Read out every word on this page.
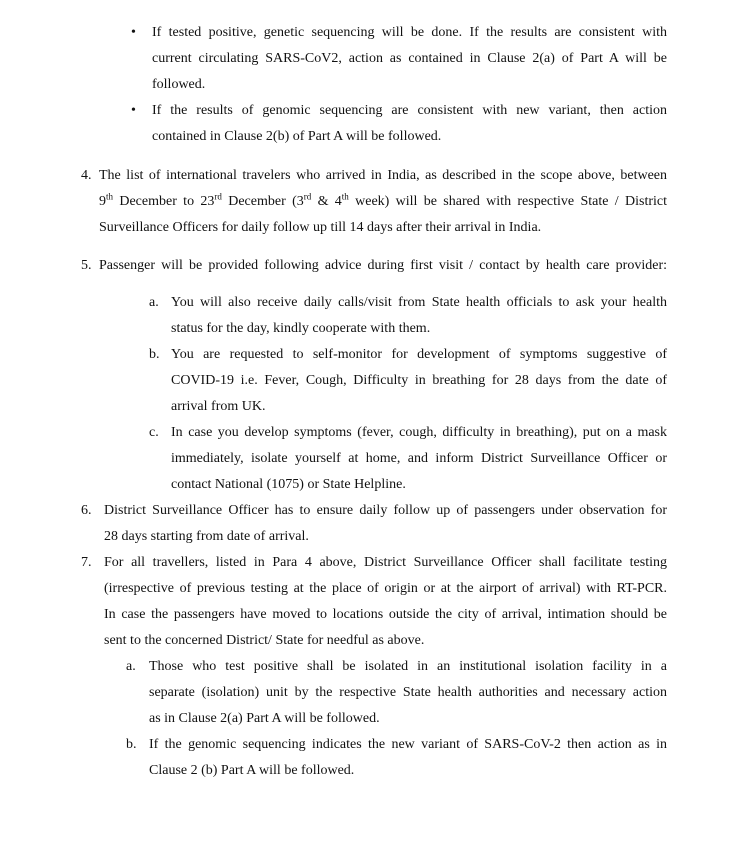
• If tested positive, genetic sequencing will be done. If the results are consistent with
current circulating SARS-CoV2, action as contained in Clause 2(a) of Part A will be
followed.
• If the results of genomic sequencing are consistent with new variant, then action
contained in Clause 2(b) of Part A will be followed.
4. The list of international travelers who arrived in India, as described in the scope above, between
9th December to 23rd December (3rd & 4th week) will be shared with respective State / District
Surveillance Officers for daily follow up till 14 days after their arrival in India.
5. Passenger will be provided following advice during first visit / contact by health care provider:
a. You will also receive daily calls/visit from State health officials to ask your health
status for the day, kindly cooperate with them.
b. You are requested to self-monitor for development of symptoms suggestive of
COVID-19 i.e. Fever, Cough, Difficulty in breathing for 28 days from the date of
arrival from UK.
c. In case you develop symptoms (fever, cough, difficulty in breathing), put on a mask
immediately, isolate yourself at home, and inform District Surveillance Officer or
contact National (1075) or State Helpline.
6. District Surveillance Officer has to ensure daily follow up of passengers under observation for
28 days starting from date of arrival.
7. For all travellers, listed in Para 4 above, District Surveillance Officer shall facilitate testing
(irrespective of previous testing at the place of origin or at the airport of arrival) with RT-PCR.
In case the passengers have moved to locations outside the city of arrival, intimation should be
sent to the concerned District/ State for needful as above.
a. Those who test positive shall be isolated in an institutional isolation facility in a
separate (isolation) unit by the respective State health authorities and necessary action
as in Clause 2(a) Part A will be followed.
b. If the genomic sequencing indicates the new variant of SARS-CoV-2 then action as in
Clause 2 (b) Part A will be followed.
